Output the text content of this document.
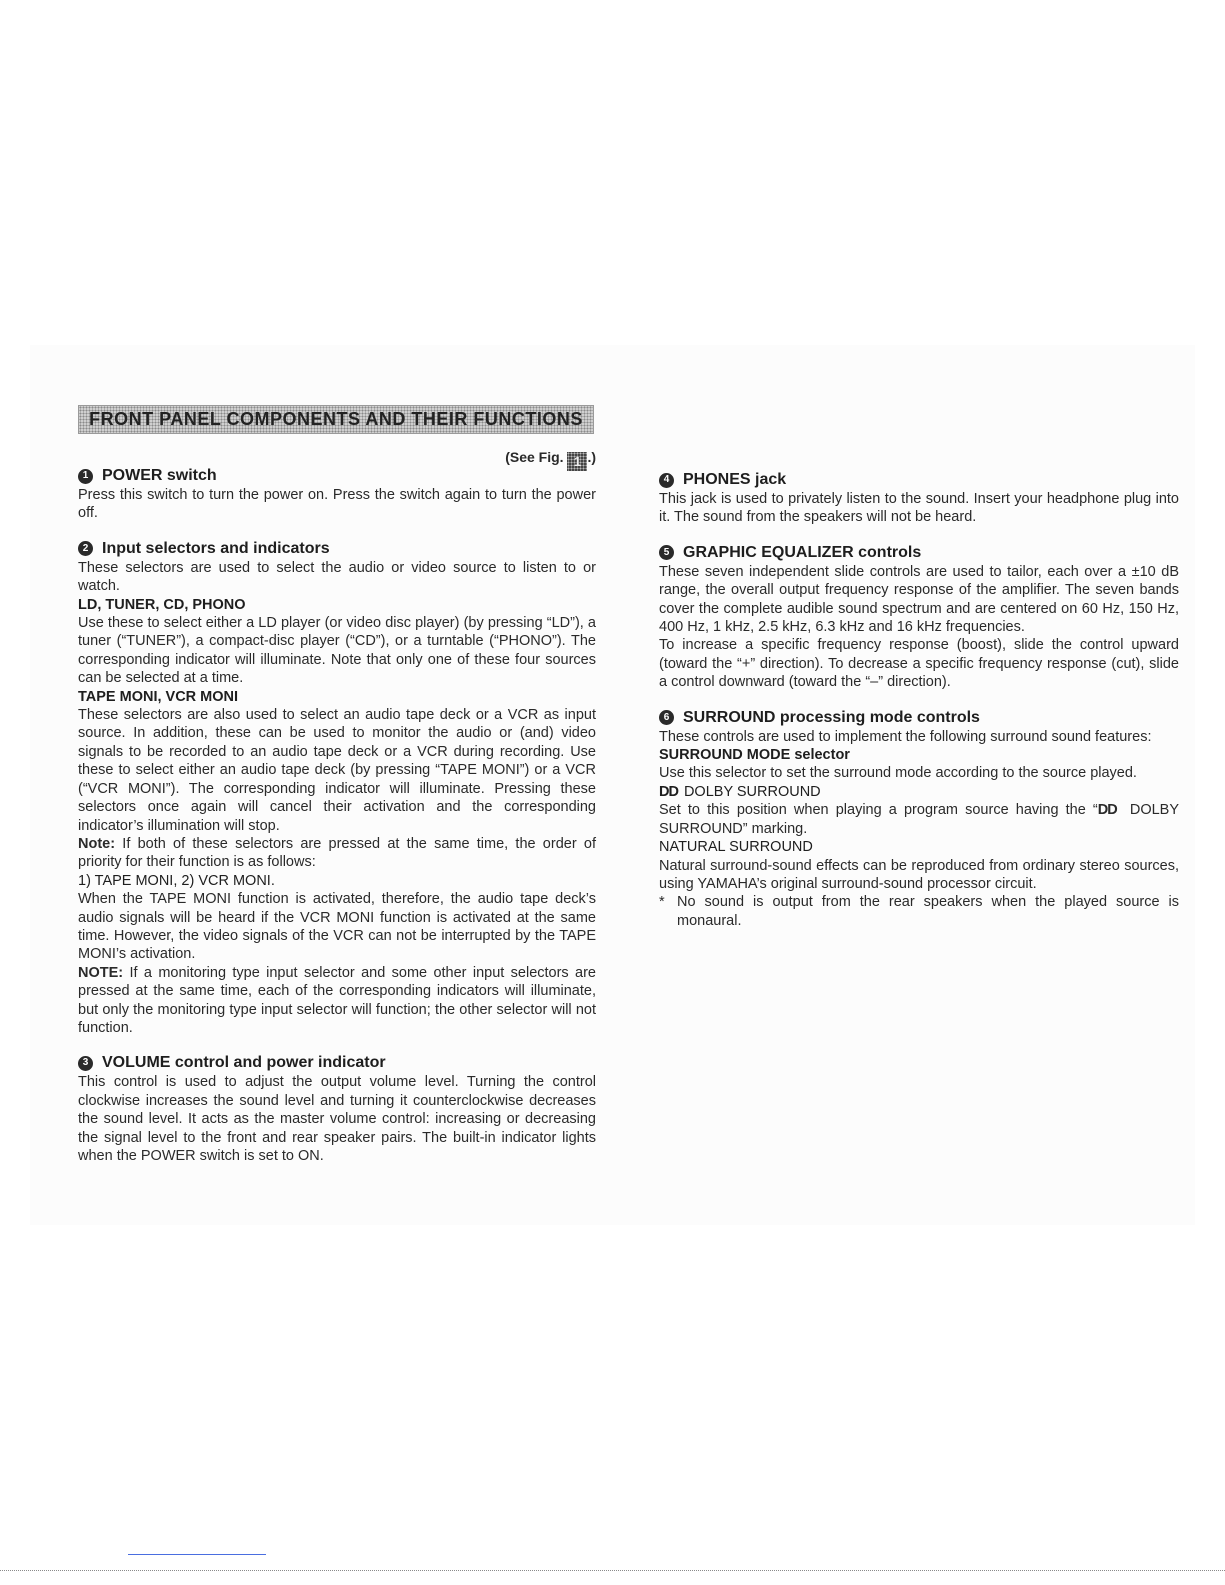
FRONT PANEL COMPONENTS AND THEIR FUNCTIONS
(See Fig. 1 .)
1 POWER switch

Press this switch to turn the power on. Press the switch again to turn the power off.

2 Input selectors and indicators

These selectors are used to select the audio or video source to listen to or watch.

LD, TUNER, CD, PHONO

Use these to select either a LD player (or video disc player) (by pressing “LD”), a tuner (“TUNER”), a compact-disc player (“CD”), or a turntable (“PHONO”). The corresponding indicator will illuminate. Note that only one of these four sources can be selected at a time.

TAPE MONI, VCR MONI

These selectors are also used to select an audio tape deck or a VCR as input source. In addition, these can be used to monitor the audio or (and) video signals to be recorded to an audio tape deck or a VCR during recording. Use these to select either an audio tape deck (by pressing “TAPE MONI”) or a VCR (“VCR MONI”). The corresponding indicator will illuminate. Pressing these selectors once again will cancel their activation and the corresponding indicator’s illumination will stop.

Note: If both of these selectors are pressed at the same time, the order of priority for their function is as follows:

1) TAPE MONI, 2) VCR MONI.

When the TAPE MONI function is activated, therefore, the audio tape deck’s audio signals will be heard if the VCR MONI function is activated at the same time. However, the video signals of the VCR can not be interrupted by the TAPE MONI’s activation.

NOTE: If a monitoring type input selector and some other input selectors are pressed at the same time, each of the corresponding indicators will illuminate, but only the monitoring type input selector will function; the other selector will not function.

3 VOLUME control and power indicator

This control is used to adjust the output volume level. Turning the control clockwise increases the sound level and turning it counterclockwise decreases the sound level. It acts as the master volume control: increasing or decreasing the signal level to the front and rear speaker pairs. The built-in indicator lights when the POWER switch is set to ON.

4 PHONES jack

This jack is used to privately listen to the sound. Insert your headphone plug into it. The sound from the speakers will not be heard.

5 GRAPHIC EQUALIZER controls

These seven independent slide controls are used to tailor, each over a ±10 dB range, the overall output frequency response of the amplifier. The seven bands cover the complete audible sound spectrum and are centered on 60 Hz, 150 Hz, 400 Hz, 1 kHz, 2.5 kHz, 6.3 kHz and 16 kHz frequencies.

To increase a specific frequency response (boost), slide the control upward (toward the “+” direction). To decrease a specific frequency response (cut), slide a control downward (toward the “–” direction).

6 SURROUND processing mode controls

These controls are used to implement the following surround sound features:

SURROUND MODE selector

Use this selector to set the surround mode according to the source played.

DD DOLBY SURROUND

Set to this position when playing a program source having the “DD DOLBY SURROUND” marking.

NATURAL SURROUND

Natural surround-sound effects can be reproduced from ordinary stereo sources, using YAMAHA’s original surround-sound processor circuit.

* No sound is output from the rear speakers when the played source is monaural.
